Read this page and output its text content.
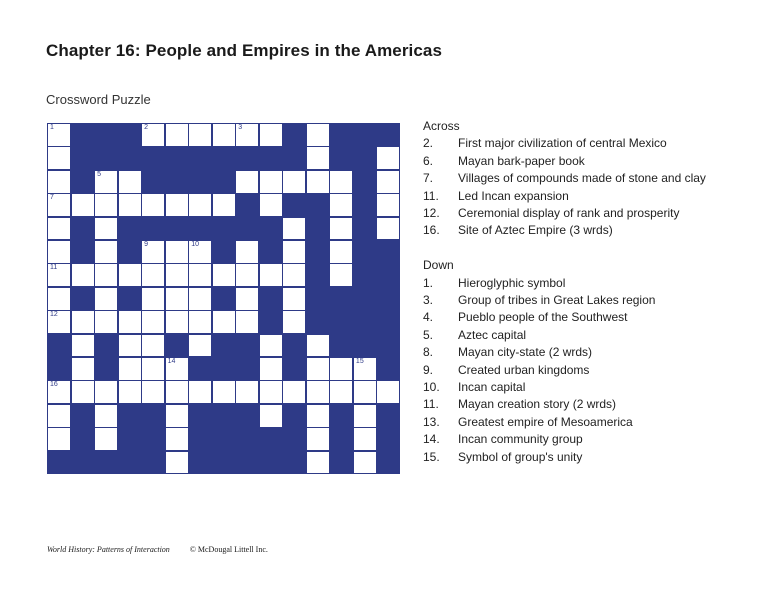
Chapter 16: People and Empires in the Americas
Crossword Puzzle
1	2	3
5
7
9	10
11
12
14	15
16
Across
2. First major civilization of central Mexico
6. Mayan bark-paper book
7. Villages of compounds made of stone and clay
11. Led Incan expansion
12. Ceremonial display of rank and prosperity
16. Site of Aztec Empire (3 wrds)
Down
1. Hieroglyphic symbol
3. Group of tribes in Great Lakes region
4. Pueblo people of the Southwest
5. Aztec capital
8. Mayan city-state (2 wrds)
9. Created urban kingdoms
10. Incan capital
11. Mayan creation story (2 wrds)
13. Greatest empire of Mesoamerica
14. Incan community group
15. Symbol of group's unity
World History: Patterns of Interaction	© McDougal Littell Inc.
